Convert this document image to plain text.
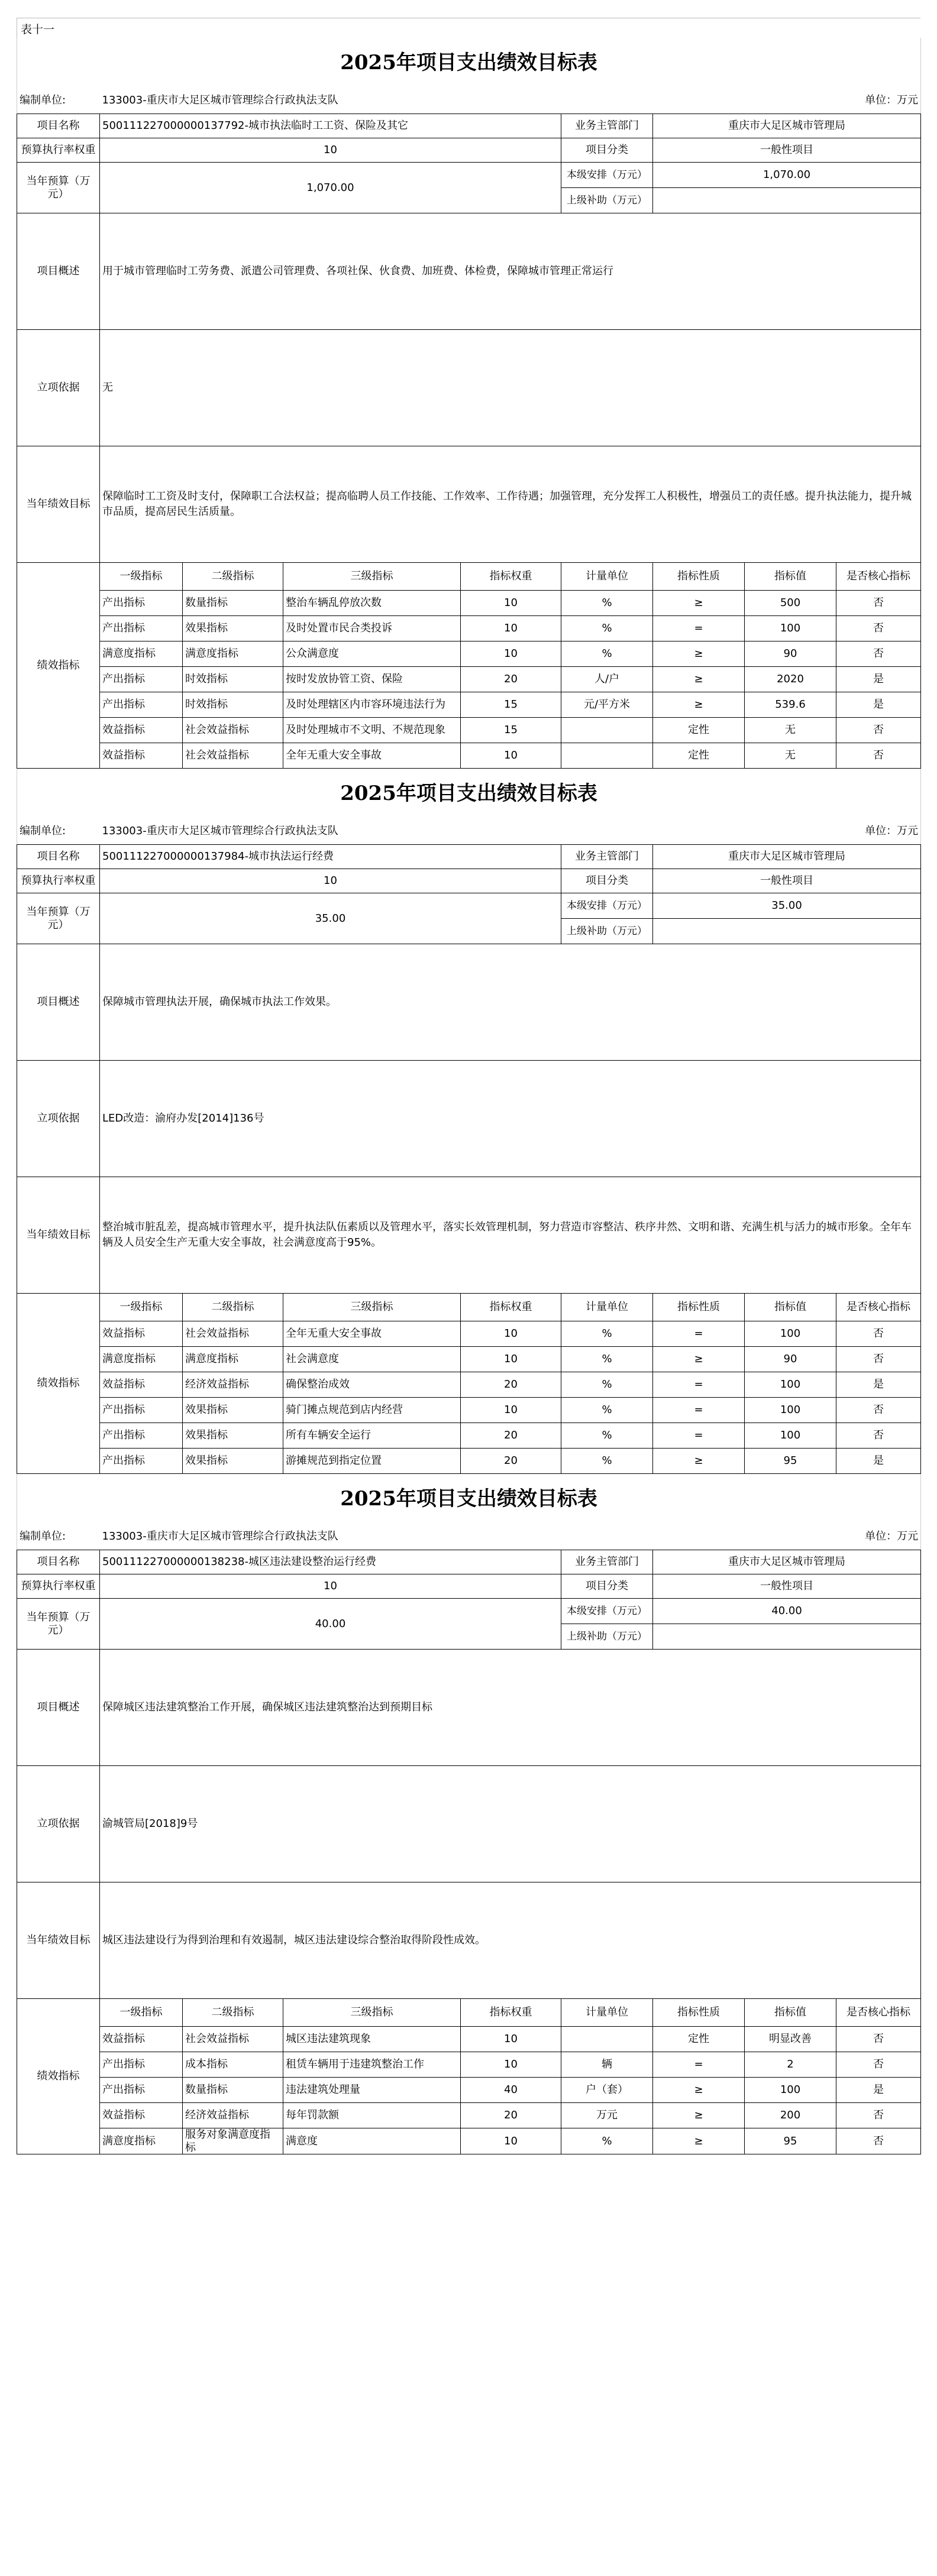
表十一
2025年项目支出绩效目标表								
编制单位:	133003-重庆市大足区城市管理综合行政执法支队							单位：万元
项目名称	500111227000000137792-城市执法临时工工资、保险及其它				业务主管部门	重庆市大足区城市管理局		
预算执行率权重	10				项目分类	一般性项目		
当年预算（万元）	1,070.00				本级安排（万元）	1,070.00		
					上级补助（万元）			
项目概述	用于城市管理临时工劳务费、派遣公司管理费、各项社保、伙食费、加班费、体检费，保障城市管理正常运行							
立项依据	无							
当年绩效目标	保障临时工工资及时支付，保障职工合法权益；提高临聘人员工作技能、工作效率、工作待遇；加强管理，充分发挥工人积极性，增强员工的责任感。提升执法能力，提升城市品质，提高居民生活质量。							
绩效指标	一级指标	二级指标	三级指标	指标权重	计量单位	指标性质	指标值	是否核心指标
	产出指标	数量指标	整治车辆乱停放次数	10	%	≥	500	否
	产出指标	效果指标	及时处置市民合类投诉	10	%	=	100	否
	满意度指标	满意度指标	公众满意度	10	%	≥	90	否
	产出指标	时效指标	按时发放协管工资、保险	20	人/户	≥	2020	是
	产出指标	时效指标	及时处理辖区内市容环境违法行为	15	元/平方米	≥	539.6	是
	效益指标	社会效益指标	及时处理城市不文明、不规范现象	15		定性	无	否
	效益指标	社会效益指标	全年无重大安全事故	10		定性	无	否
2025年项目支出绩效目标表								
编制单位:	133003-重庆市大足区城市管理综合行政执法支队							单位：万元
项目名称	500111227000000137984-城市执法运行经费				业务主管部门	重庆市大足区城市管理局		
预算执行率权重	10				项目分类	一般性项目		
当年预算（万元）	35.00				本级安排（万元）	35.00		
					上级补助（万元）			
项目概述	保障城市管理执法开展，确保城市执法工作效果。							
立项依据	LED改造：渝府办发[2014]136号							
当年绩效目标	整治城市脏乱差，提高城市管理水平，提升执法队伍素质以及管理水平，落实长效管理机制，努力营造市容整洁、秩序井然、文明和谐、充满生机与活力的城市形象。全年车辆及人员安全生产无重大安全事故，社会满意度高于95%。							
绩效指标	一级指标	二级指标	三级指标	指标权重	计量单位	指标性质	指标值	是否核心指标
	效益指标	社会效益指标	全年无重大安全事故	10	%	=	100	否
	满意度指标	满意度指标	社会满意度	10	%	≥	90	否
	效益指标	经济效益指标	确保整治成效	20	%	=	100	是
	产出指标	效果指标	骑门摊点规范到店内经营	10	%	=	100	否
	产出指标	效果指标	所有车辆安全运行	20	%	=	100	否
	产出指标	效果指标	游摊规范到指定位置	20	%	≥	95	是
2025年项目支出绩效目标表								
编制单位:	133003-重庆市大足区城市管理综合行政执法支队							单位：万元
项目名称	500111227000000138238-城区违法建设整治运行经费				业务主管部门	重庆市大足区城市管理局		
预算执行率权重	10				项目分类	一般性项目		
当年预算（万元）	40.00				本级安排（万元）	40.00		
					上级补助（万元）			
项目概述	保障城区违法建筑整治工作开展，确保城区违法建筑整治达到预期目标							
立项依据	渝城管局[2018]9号							
当年绩效目标	城区违法建设行为得到治理和有效遏制，城区违法建设综合整治取得阶段性成效。							
绩效指标	一级指标	二级指标	三级指标	指标权重	计量单位	指标性质	指标值	是否核心指标
	效益指标	社会效益指标	城区违法建筑现象	10		定性	明显改善	否
	产出指标	成本指标	租赁车辆用于违建筑整治工作	10	辆	=	2	否
	产出指标	数量指标	违法建筑处理量	40	户（套）	≥	100	是
	效益指标	经济效益指标	每年罚款额	20	万元	≥	200	否
	满意度指标	服务对象满意度指标	满意度	10	%	≥	95	否
